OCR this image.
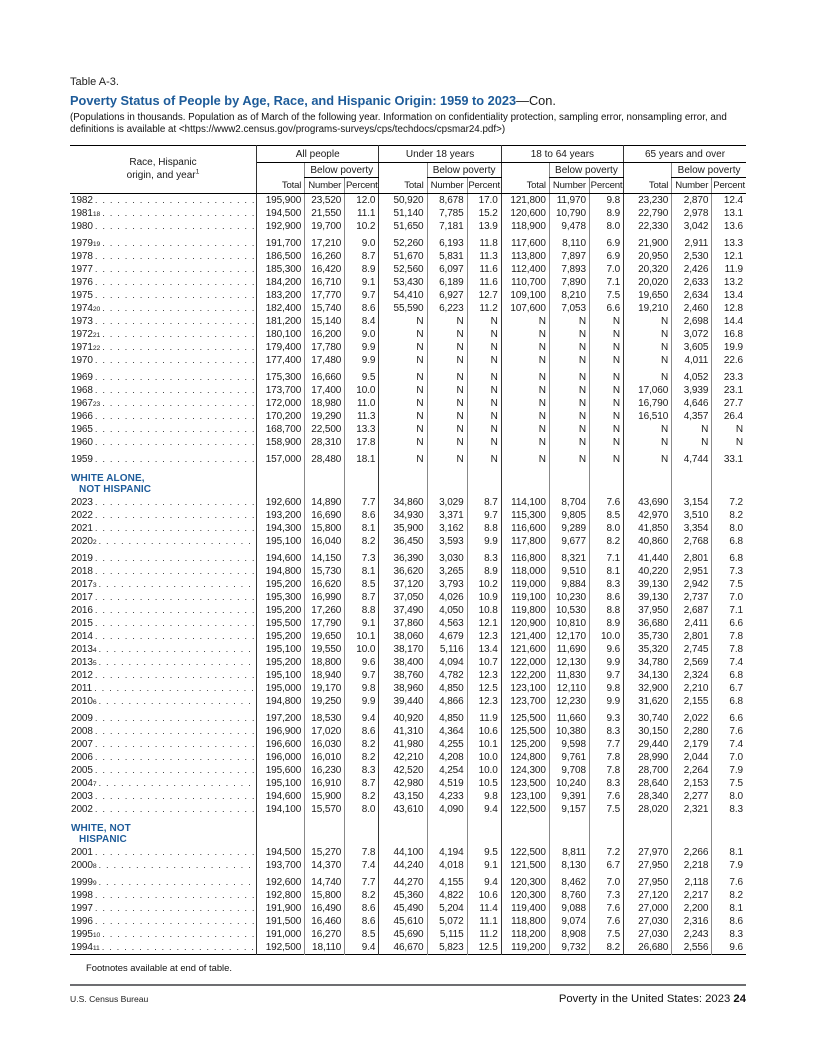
Table A-3.
Poverty Status of People by Age, Race, and Hispanic Origin: 1959 to 2023—Con.
(Populations in thousands. Population as of March of the following year. Information on confidentiality protection, sampling error, nonsampling error, and definitions is available at <https://www2.census.gov/programs-surveys/cps/techdocs/cpsmar24.pdf>)
Race, Hispanic
origin, and year$^1$	All people			Under 18 years			18 to 64 years			65 years and over		
		Below poverty			Below poverty			Below poverty			Below poverty	
	Total	Number	Percent	Total	Number	Percent	Total	Number	Percent	Total	Number	Percent

1982
. . .	195,900	23,520	12.0	50,920	8,678	17.0	121,800	11,970	9.8	23,230	2,870	12.4

1981 18
. . .	194,500	21,550	11.1	51,140	7,785	15.2	120,600	10,790	8.9	22,790	2,978	13.1

1980
. . .	192,900	19,700	10.2	51,650	7,181	13.9	118,900	9,478	8.0	22,330	3,042	13.6

1979 19
. . .	191,700	17,210	9.0	52,260	6,193	11.8	117,600	8,110	6.9	21,900	2,911	13.3

1978
. . .	186,500	16,260	8.7	51,670	5,831	11.3	113,800	7,897	6.9	20,950	2,530	12.1

1977
. . .	185,300	16,420	8.9	52,560	6,097	11.6	112,400	7,893	7.0	20,320	2,426	11.9

1976
. . .	184,200	16,710	9.1	53,430	6,189	11.6	110,700	7,890	7.1	20,020	2,633	13.2

1975
. . .	183,200	17,770	9.7	54,410	6,927	12.7	109,100	8,210	7.5	19,650	2,634	13.4

1974 20
. . .	182,400	15,740	8.6	55,590	6,223	11.2	107,600	7,053	6.6	19,210	2,460	12.8

1973
. . .	181,200	15,140	8.4	N	N	N	N	N	N	N	2,698	14.4

1972 21
. . .	180,100	16,200	9.0	N	N	N	N	N	N	N	3,072	16.8

1971 22
. . .	179,400	17,780	9.9	N	N	N	N	N	N	N	3,605	19.9

1970
. . .	177,400	17,480	9.9	N	N	N	N	N	N	N	4,011	22.6

1969
. . .	175,300	16,660	9.5	N	N	N	N	N	N	N	4,052	23.3

1968
. . .	173,700	17,400	10.0	N	N	N	N	N	N	17,060	3,939	23.1

1967 23
. . .	172,000	18,980	11.0	N	N	N	N	N	N	16,790	4,646	27.7

1966
. . .	170,200	19,290	11.3	N	N	N	N	N	N	16,510	4,357	26.4

1965
. . .	168,700	22,500	13.3	N	N	N	N	N	N	N	N	N

1960
. . .	158,900	28,310	17.8	N	N	N	N	N	N	N	N	N

1959
. . .	157,000	28,480	18.1	N	N	N	N	N	N	N	4,744	33.1

WHITE ALONE,
NOT HISPANIC												

2023
. . .	192,600	14,890	7.7	34,860	3,029	8.7	114,100	8,704	7.6	43,690	3,154	7.2

2022
. . .	193,200	16,690	8.6	34,930	3,371	9.7	115,300	9,805	8.5	42,970	3,510	8.2

2021
. . .	194,300	15,800	8.1	35,900	3,162	8.8	116,600	9,289	8.0	41,850	3,354	8.0

2020 2
. . .	195,100	16,040	8.2	36,450	3,593	9.9	117,800	9,677	8.2	40,860	2,768	6.8

2019
. . .	194,600	14,150	7.3	36,390	3,030	8.3	116,800	8,321	7.1	41,440	2,801	6.8

2018
. . .	194,800	15,730	8.1	36,620	3,265	8.9	118,000	9,510	8.1	40,220	2,951	7.3

2017 3
. . .	195,200	16,620	8.5	37,120	3,793	10.2	119,000	9,884	8.3	39,130	2,942	7.5

2017
. . .	195,300	16,990	8.7	37,050	4,026	10.9	119,100	10,230	8.6	39,130	2,737	7.0

2016
. . .	195,200	17,260	8.8	37,490	4,050	10.8	119,800	10,530	8.8	37,950	2,687	7.1

2015
. . .	195,500	17,790	9.1	37,860	4,563	12.1	120,900	10,810	8.9	36,680	2,411	6.6

2014
. . .	195,200	19,650	10.1	38,060	4,679	12.3	121,400	12,170	10.0	35,730	2,801	7.8

2013 4
. . .	195,100	19,550	10.0	38,170	5,116	13.4	121,600	11,690	9.6	35,320	2,745	7.8

2013 5
. . .	195,200	18,800	9.6	38,400	4,094	10.7	122,000	12,130	9.9	34,780	2,569	7.4

2012
. . .	195,100	18,940	9.7	38,760	4,782	12.3	122,200	11,830	9.7	34,130	2,324	6.8

2011
. . .	195,000	19,170	9.8	38,960	4,850	12.5	123,100	12,110	9.8	32,900	2,210	6.7

2010 6
. . .	194,800	19,250	9.9	39,440	4,866	12.3	123,700	12,230	9.9	31,620	2,155	6.8

2009
. . .	197,200	18,530	9.4	40,920	4,850	11.9	125,500	11,660	9.3	30,740	2,022	6.6

2008
. . .	196,900	17,020	8.6	41,310	4,364	10.6	125,500	10,380	8.3	30,150	2,280	7.6

2007
. . .	196,600	16,030	8.2	41,980	4,255	10.1	125,200	9,598	7.7	29,440	2,179	7.4

2006
. . .	196,000	16,010	8.2	42,210	4,208	10.0	124,800	9,761	7.8	28,990	2,044	7.0

2005
. . .	195,600	16,230	8.3	42,520	4,254	10.0	124,300	9,708	7.8	28,700	2,264	7.9

2004 7
. . .	195,100	16,910	8.7	42,980	4,519	10.5	123,500	10,240	8.3	28,640	2,153	7.5

2003
. . .	194,600	15,900	8.2	43,150	4,233	9.8	123,100	9,391	7.6	28,340	2,277	8.0

2002
. . .	194,100	15,570	8.0	43,610	4,090	9.4	122,500	9,157	7.5	28,020	2,321	8.3

WHITE, NOT
HISPANIC												

2001
. . .	194,500	15,270	7.8	44,100	4,194	9.5	122,500	8,811	7.2	27,970	2,266	8.1

2000 8
. . .	193,700	14,370	7.4	44,240	4,018	9.1	121,500	8,130	6.7	27,950	2,218	7.9

1999 9
. . .	192,600	14,740	7.7	44,270	4,155	9.4	120,300	8,462	7.0	27,950	2,118	7.6

1998
. . .	192,800	15,800	8.2	45,360	4,822	10.6	120,300	8,760	7.3	27,120	2,217	8.2

1997
. . .	191,900	16,490	8.6	45,490	5,204	11.4	119,400	9,088	7.6	27,000	2,200	8.1

1996
. . .	191,500	16,460	8.6	45,610	5,072	11.1	118,800	9,074	7.6	27,030	2,316	8.6

1995 10
. . .	191,000	16,270	8.5	45,690	5,115	11.2	118,200	8,908	7.5	27,030	2,243	8.3

1994 11
. . .	192,500	18,110	9.4	46,670	5,823	12.5	119,200	9,732	8.2	26,680	2,556	9.6
Footnotes available at end of table.
U.S. Census Bureau	Poverty in the United States: 2023 24
